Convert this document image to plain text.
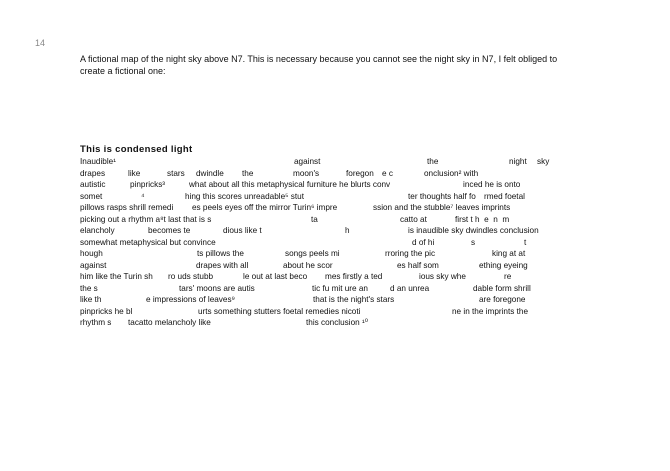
14
A fictional map of the night sky above N7. This is necessary because you cannot see the night sky in N7, I felt obliged to create a fictional one:
This is condensed light

Inaudible¹

	against

	the

	night

sky

drapes

	like

	stars

dwindle

the

	moon's

	foregon

e c

	onclusion² with

autistic

	pinpricks³

	what about all this metaphysical furniture he blurts conv

	inced he is onto

somet

	⁴

	hing this scores unreadable⁵ stut

	ter thoughts half fo

rmed foetal

pillows rasps shrill remedi

es peels eyes off the mirror Turin⁶ impre

	ssion and the stubble⁷ leaves imprints

picking out a rhythm a⁸t last that is s

	ta

	catto at

	first t h  e  n  m

elancholy

	becomes te

	dious like t

	h

	is inaudible sky dwindles conclusion

somewhat metaphysical but convince

	d of hi

	s

	t

hough

	ts pillows the

	songs peels mi

	rroring the pic

	king at at

against

	drapes with all

	about he scor

	es half som

	ething eyeing

him like the Turin sh

ro uds stubb

	le out at last beco

mes firstly a ted

	ious sky whe

	re

the s

	tars' moons are autis

	tic fu mit ure an

	d an unrea

	dable form shrill

like th

	e impressions of leaves⁹

	that is the night's stars

	are foregone

pinpricks he bl

	urts something stutters foetal remedies nicoti

	ne in the imprints the

rhythm s

tacatto melancholy like

	this conclusion ¹⁰
